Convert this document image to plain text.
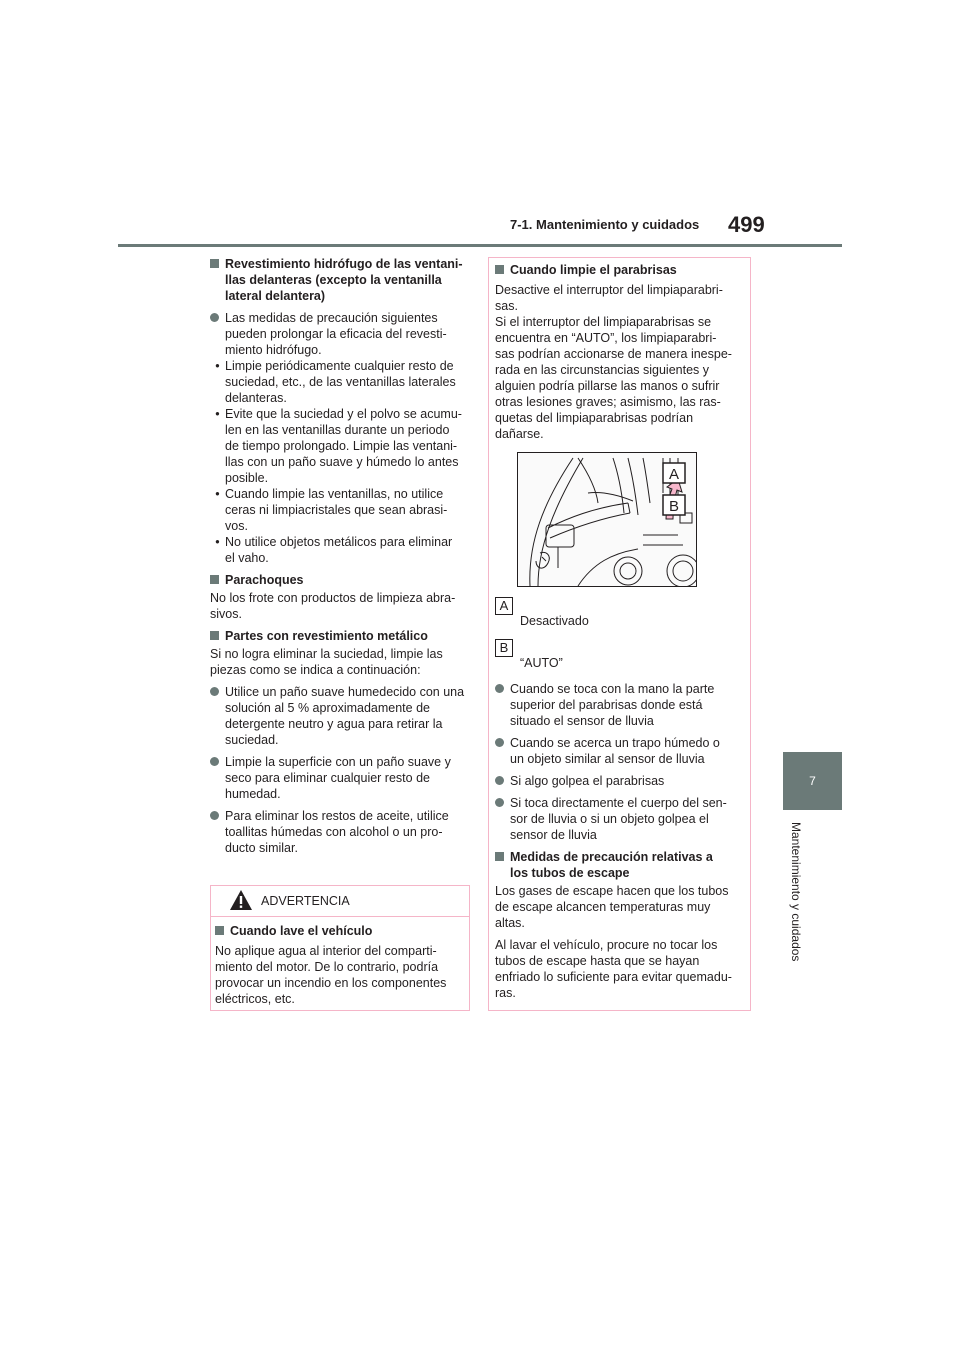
7-1. Mantenimiento y cuidados 499
7
Mantenimiento y cuidados
Revestimiento hidrófugo de las ventani-
llas delanteras (excepto la ventanilla
lateral delantera)

Las medidas de precaución siguientes

pueden prolongar la eficacia del revesti-

miento hidrófugo.

• Limpie periódicamente cualquier resto de
suciedad, etc., de las ventanillas laterales
delanteras.
• Evite que la suciedad y el polvo se acumu-
len en las ventanillas durante un periodo
de tiempo prolongado. Limpie las ventani-
llas con un paño suave y húmedo lo antes
posible.
• Cuando limpie las ventanillas, no utilice
ceras ni limpiacristales que sean abrasi-
vos.
• No utilice objetos metálicos para eliminar
el vaho.
Parachoques

No los frote con productos de limpieza abra-

sivos.

Partes con revestimiento metálico

Si no logra eliminar la suciedad, limpie las

piezas como se indica a continuación:

Utilice un paño suave humedecido con una

solución al 5 % aproximadamente de

detergente neutro y agua para retirar la

suciedad.

Limpie la superficie con un paño suave y

seco para eliminar cualquier resto de

humedad.

Para eliminar los restos de aceite, utilice

toallitas húmedas con alcohol o un pro-

ducto similar.

ADVERTENCIA
Cuando lave el vehículo

No aplique agua al interior del comparti-

miento del motor. De lo contrario, podría

provocar un incendio en los componentes

eléctricos, etc.

Cuando limpie el parabrisas

Desactive el interruptor del limpiaparabri-

sas.

Si el interruptor del limpiaparabrisas se

encuentra en “AUTO”, los limpiaparabri-

sas podrían accionarse de manera inespe-

rada en las circunstancias siguientes y

alguien podría pillarse las manos o sufrir

otras lesiones graves; asimismo, las ras-

quetas del limpiaparabrisas podrían

dañarse.

A
B
A
Desactivado
B
“AUTO”

Cuando se toca con la mano la parte

superior del parabrisas donde está

situado el sensor de lluvia

Cuando se acerca un trapo húmedo o

un objeto similar al sensor de lluvia

Si algo golpea el parabrisas

Si toca directamente el cuerpo del sen-

sor de lluvia o si un objeto golpea el

sensor de lluvia

Medidas de precaución relativas a
los tubos de escape

Los gases de escape hacen que los tubos

de escape alcancen temperaturas muy

altas.

Al lavar el vehículo, procure no tocar los

tubos de escape hasta que se hayan

enfriado lo suficiente para evitar quemadu-

ras.
